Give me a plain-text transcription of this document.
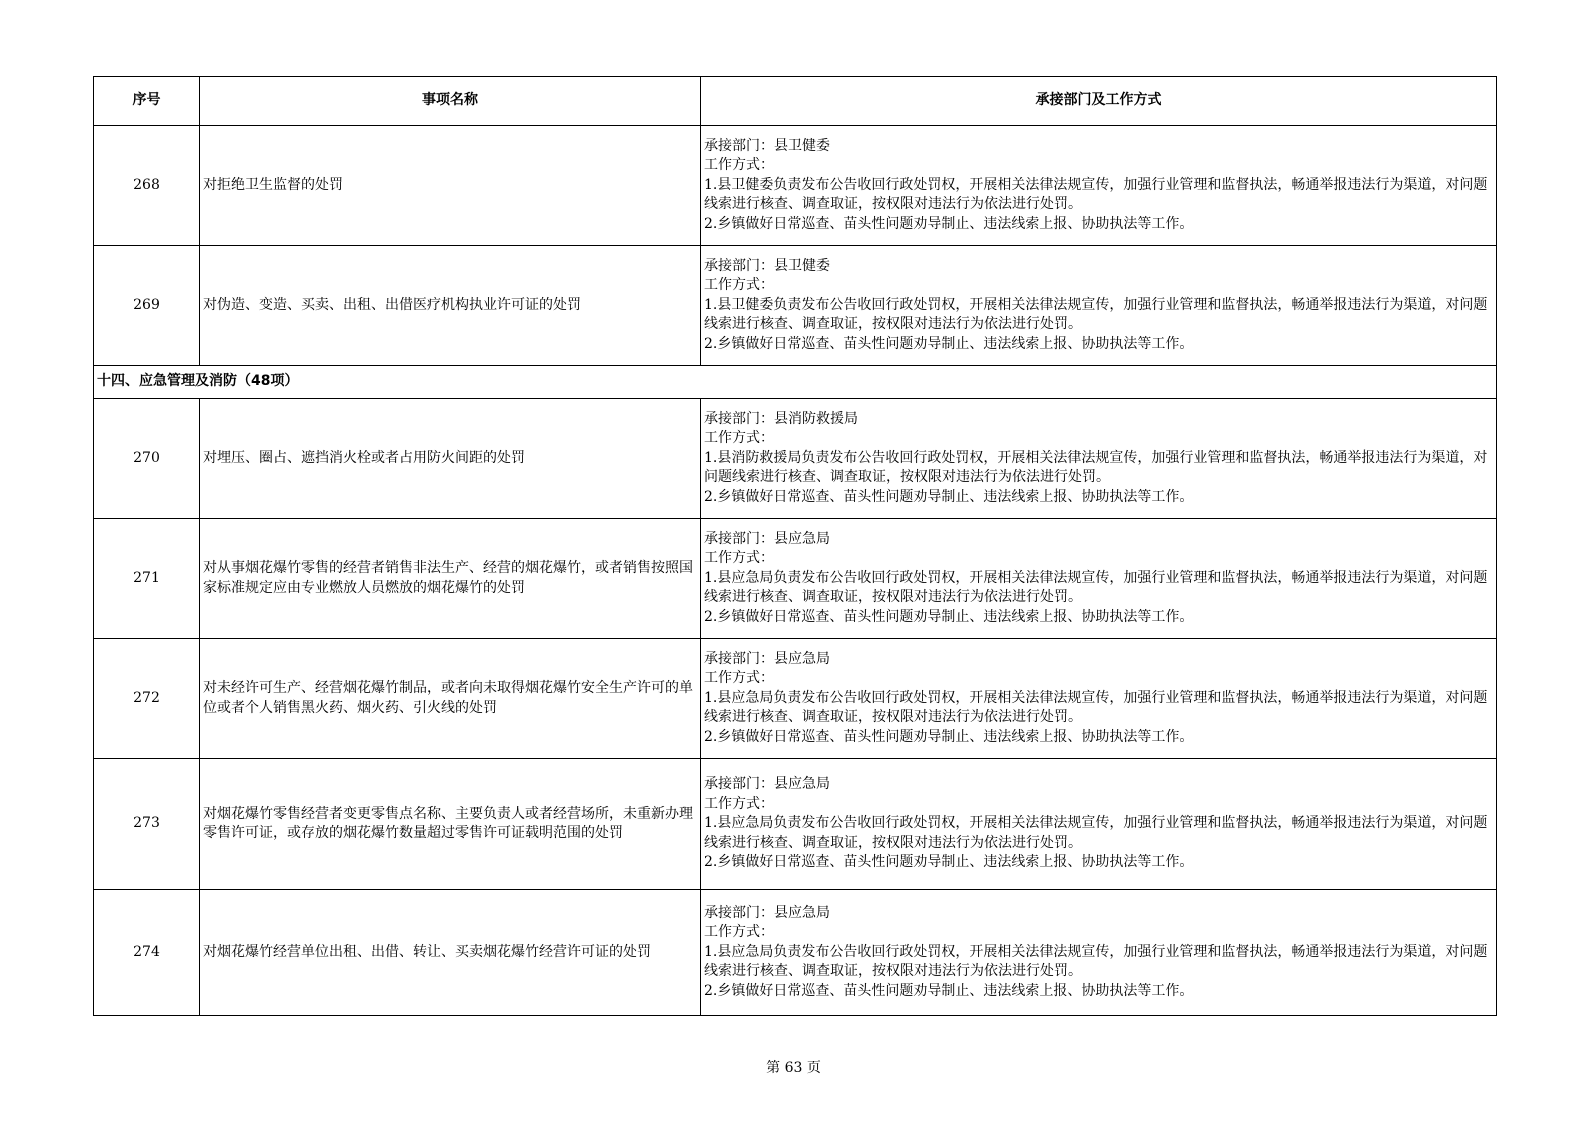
序号	事项名称	承接部门及工作方式
268	对拒绝卫生监督的处罚	承接部门：县卫健委
工作方式：
1.县卫健委负责发布公告收回行政处罚权，开展相关法律法规宣传，加强行业管理和监督执法，畅通举报违法行为渠道，对问题线索进行核查、调查取证，按权限对违法行为依法进行处罚。
2.乡镇做好日常巡查、苗头性问题劝导制止、违法线索上报、协助执法等工作。

269	对伪造、变造、买卖、出租、出借医疗机构执业许可证的处罚	承接部门：县卫健委
工作方式：
1.县卫健委负责发布公告收回行政处罚权，开展相关法律法规宣传，加强行业管理和监督执法，畅通举报违法行为渠道，对问题线索进行核查、调查取证，按权限对违法行为依法进行处罚。
2.乡镇做好日常巡查、苗头性问题劝导制止、违法线索上报、协助执法等工作。

十四、应急管理及消防（48项）		
270	对埋压、圈占、遮挡消火栓或者占用防火间距的处罚	承接部门：县消防救援局
工作方式：
1.县消防救援局负责发布公告收回行政处罚权，开展相关法律法规宣传，加强行业管理和监督执法，畅通举报违法行为渠道，对问题线索进行核查、调查取证，按权限对违法行为依法进行处罚。
2.乡镇做好日常巡查、苗头性问题劝导制止、违法线索上报、协助执法等工作。

271	对从事烟花爆竹零售的经营者销售非法生产、经营的烟花爆竹，或者销售按照国家标准规定应由专业燃放人员燃放的烟花爆竹的处罚	承接部门：县应急局
工作方式：
1.县应急局负责发布公告收回行政处罚权，开展相关法律法规宣传，加强行业管理和监督执法，畅通举报违法行为渠道，对问题线索进行核查、调查取证，按权限对违法行为依法进行处罚。
2.乡镇做好日常巡查、苗头性问题劝导制止、违法线索上报、协助执法等工作。

272	对未经许可生产、经营烟花爆竹制品，或者向未取得烟花爆竹安全生产许可的单位或者个人销售黑火药、烟火药、引火线的处罚	承接部门：县应急局
工作方式：
1.县应急局负责发布公告收回行政处罚权，开展相关法律法规宣传，加强行业管理和监督执法，畅通举报违法行为渠道，对问题线索进行核查、调查取证，按权限对违法行为依法进行处罚。
2.乡镇做好日常巡查、苗头性问题劝导制止、违法线索上报、协助执法等工作。

273	对烟花爆竹零售经营者变更零售点名称、主要负责人或者经营场所，未重新办理零售许可证，或存放的烟花爆竹数量超过零售许可证载明范围的处罚	承接部门：县应急局
工作方式：
1.县应急局负责发布公告收回行政处罚权，开展相关法律法规宣传，加强行业管理和监督执法，畅通举报违法行为渠道，对问题线索进行核查、调查取证，按权限对违法行为依法进行处罚。
2.乡镇做好日常巡查、苗头性问题劝导制止、违法线索上报、协助执法等工作。

274	对烟花爆竹经营单位出租、出借、转让、买卖烟花爆竹经营许可证的处罚	承接部门：县应急局
工作方式：
1.县应急局负责发布公告收回行政处罚权，开展相关法律法规宣传，加强行业管理和监督执法，畅通举报违法行为渠道，对问题线索进行核查、调查取证，按权限对违法行为依法进行处罚。
2.乡镇做好日常巡查、苗头性问题劝导制止、违法线索上报、协助执法等工作。
第 63 页
